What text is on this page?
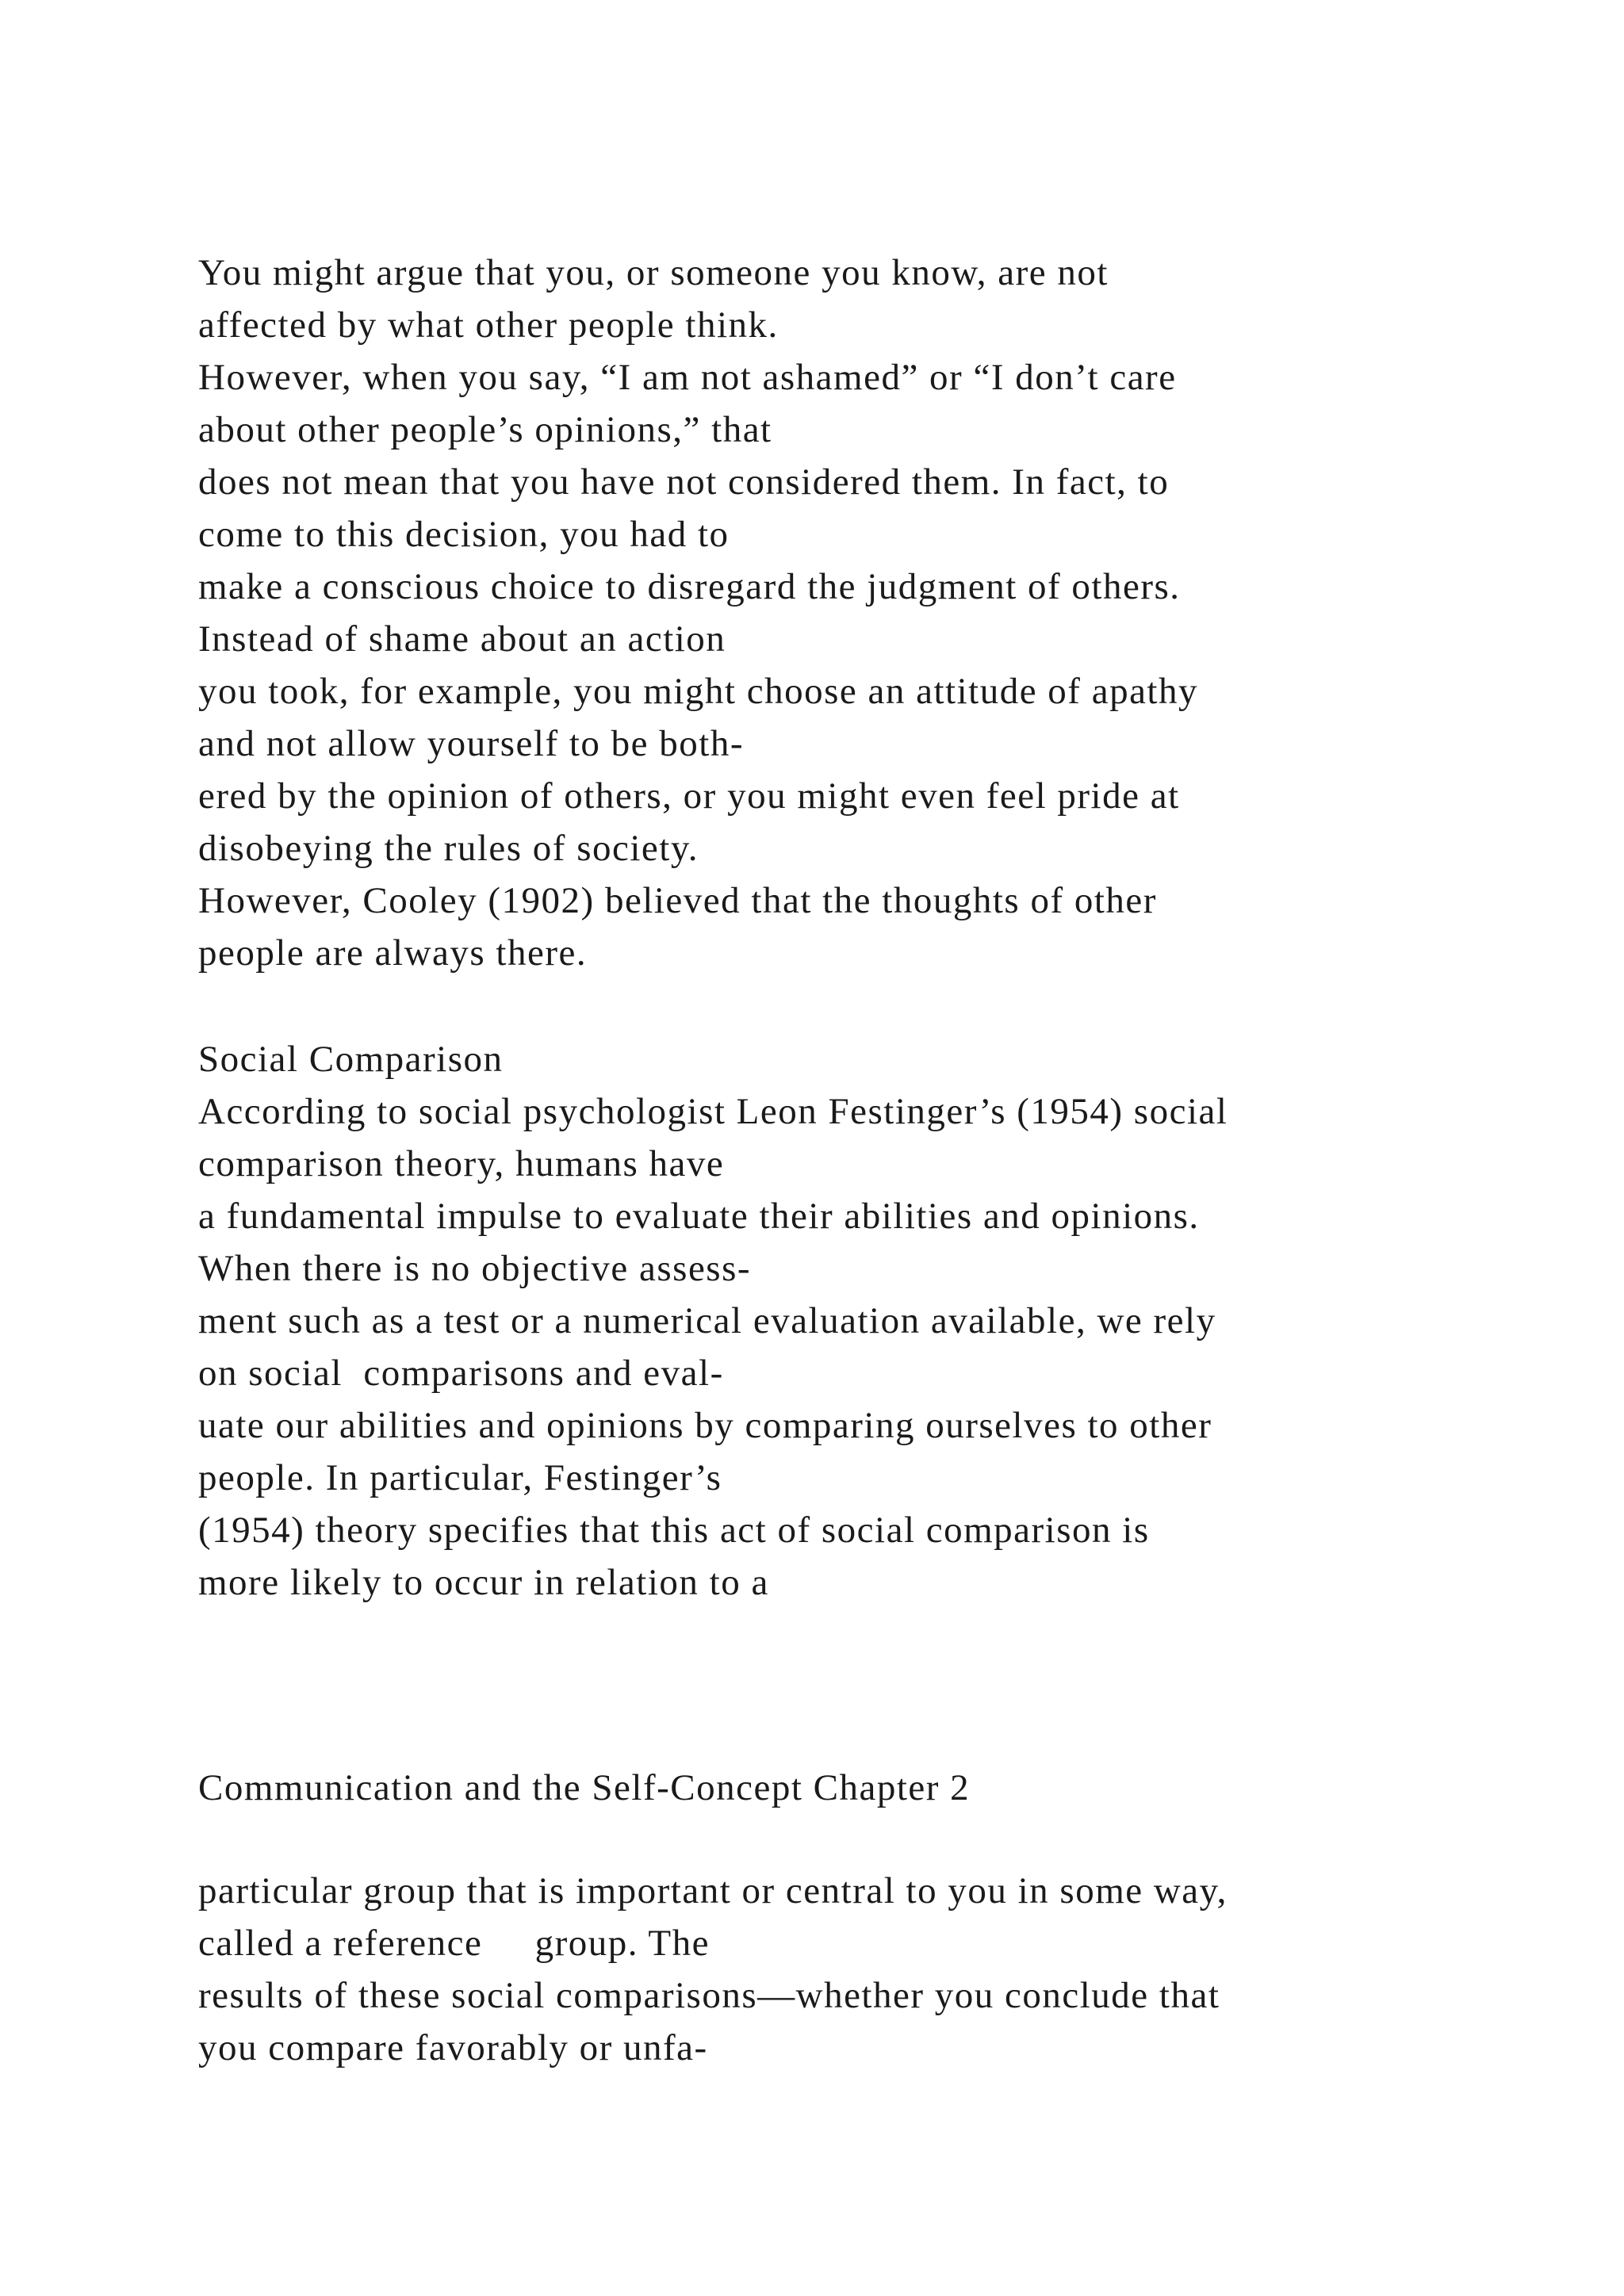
You might argue that you, or someone you know, are not
affected by what other people think.
However, when you say, “I am not ashamed” or “I don’t care
about other people’s opinions,” that
does not mean that you have not considered them. In fact, to
come to this decision, you had to
make a conscious choice to disregard the judgment of others.
Instead of shame about an action
you took, for example, you might choose an attitude of apathy
and not allow yourself to be both-
ered by the opinion of others, or you might even feel pride at
disobeying the rules of society.
However, Cooley (1902) believed that the thoughts of other
people are always there.
Social Comparison
According to social psychologist Leon Festinger’s (1954) social
comparison theory, humans have
a fundamental impulse to evaluate their abilities and opinions.
When there is no objective assess-
ment such as a test or a numerical evaluation available, we rely
on social  comparisons and eval-
uate our abilities and opinions by comparing ourselves to other
people. In particular, Festinger’s
(1954) theory specifies that this act of social comparison is
more likely to occur in relation to a
Communication and the Self-Concept Chapter 2
particular group that is important or central to you in some way,
called a reference     group. The
results of these social comparisons—whether you conclude that
you compare favorably or unfa-
